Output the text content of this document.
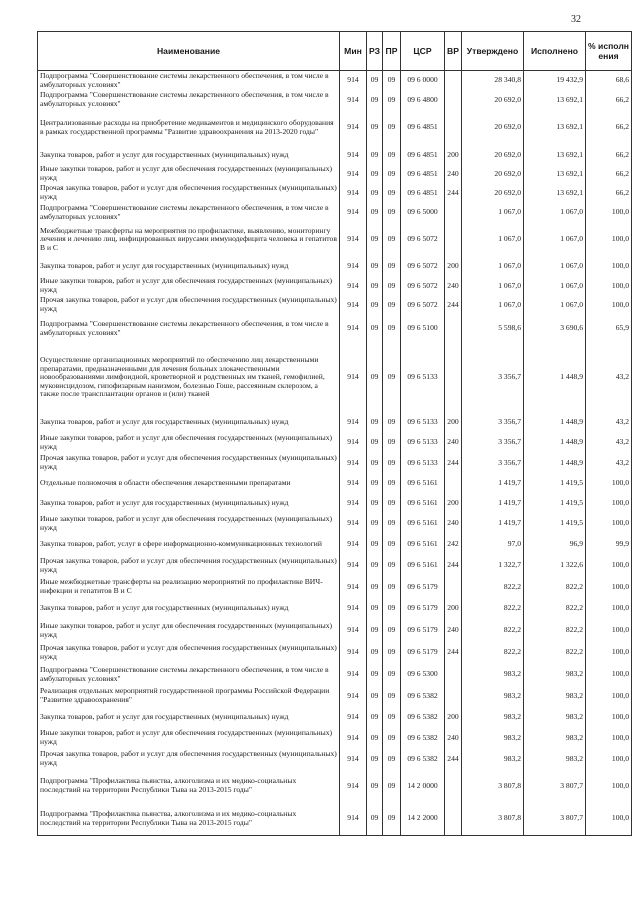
32
Наименование	Мин	РЗ	ПР	ЦСР	ВР	Утверждено	Исполнено	% исполн ения
Подпрограмма "Совершенствование системы лекарственного обеспечения, в том числе в амбулаторных условиях"	914	09	09	09 6 0000		28 340,8	19 432,9	68,6
Подпрограмма "Совершенствование системы лекарственного обеспечения, в том числе в амбулаторных условиях"	914	09	09	09 6 4800		20 692,0	13 692,1	66,2
Централизованные расходы на приобретение медикаментов и медицинского оборудования в рамках государственной программы "Развитие здравоохранения на 2013-2020 годы"	914	09	09	09 6 4851		20 692,0	13 692,1	66,2
Закупка товаров, работ и услуг для государственных (муниципальных) нужд	914	09	09	09 6 4851	200	20 692,0	13 692,1	66,2
Иные закупки товаров, работ и услуг для обеспечения государственных (муниципальных) нужд	914	09	09	09 6 4851	240	20 692,0	13 692,1	66,2
Прочая закупка товаров, работ и услуг для обеспечения государственных (муниципальных) нужд	914	09	09	09 6 4851	244	20 692,0	13 692,1	66,2
Подпрограмма "Совершенствование системы лекарственного обеспечения, в том числе в амбулаторных условиях"	914	09	09	09 6 5000		1 067,0	1 067,0	100,0
Межбюджетные трансферты на мероприятия по профилактике, выявлению, мониторингу лечения и лечению лиц, инфицированных вирусами иммунодефицита человека и гепатитов В и С	914	09	09	09 6 5072		1 067,0	1 067,0	100,0
Закупка товаров, работ и услуг для государственных (муниципальных) нужд	914	09	09	09 6 5072	200	1 067,0	1 067,0	100,0
Иные закупки товаров, работ и услуг для обеспечения государственных (муниципальных) нужд	914	09	09	09 6 5072	240	1 067,0	1 067,0	100,0
Прочая закупка товаров, работ и услуг для обеспечения государственных (муниципальных) нужд	914	09	09	09 6 5072	244	1 067,0	1 067,0	100,0
Подпрограмма "Совершенствование системы лекарственного обеспечения, в том числе в амбулаторных условиях"	914	09	09	09 6 5100		5 598,6	3 690,6	65,9
Осуществление организационных мероприятий по обеспечению лиц лекарственными препаратами, предназначенными для лечения больных злокачественными новообразованиями лимфоидной, кроветворной и родственных им тканей, гемофилией, муковисцидозом, гипофизарным нанизмом, болезнью Гоше, рассеянным склерозом, а также после трансплантации органов и (или) тканей	914	09	09	09 6 5133		3 356,7	1 448,9	43,2
Закупка товаров, работ и услуг для государственных (муниципальных) нужд	914	09	09	09 6 5133	200	3 356,7	1 448,9	43,2
Иные закупки товаров, работ и услуг для обеспечения государственных (муниципальных) нужд	914	09	09	09 6 5133	240	3 356,7	1 448,9	43,2
Прочая закупка товаров, работ и услуг для обеспечения государственных (муниципальных) нужд	914	09	09	09 6 5133	244	3 356,7	1 448,9	43,2
Отдельные полномочия в области обеспечения лекарственными препаратами	914	09	09	09 6 5161		1 419,7	1 419,5	100,0
Закупка товаров, работ и услуг для государственных (муниципальных) нужд	914	09	09	09 6 5161	200	1 419,7	1 419,5	100,0
Иные закупки товаров, работ и услуг для обеспечения государственных (муниципальных) нужд	914	09	09	09 6 5161	240	1 419,7	1 419,5	100,0
Закупка товаров, работ, услуг в сфере информационно-коммуникационных технологий	914	09	09	09 6 5161	242	97,0	96,9	99,9
Прочая закупка товаров, работ и услуг для обеспечения государственных (муниципальных) нужд	914	09	09	09 6 5161	244	1 322,7	1 322,6	100,0
Иные межбюджетные трансферты на реализацию мероприятий по профилактике ВИЧ-инфекции и гепатитов В и С	914	09	09	09 6 5179		822,2	822,2	100,0
Закупка товаров, работ и услуг для государственных (муниципальных) нужд	914	09	09	09 6 5179	200	822,2	822,2	100,0
Иные закупки товаров, работ и услуг для обеспечения государственных (муниципальных) нужд	914	09	09	09 6 5179	240	822,2	822,2	100,0
Прочая закупка товаров, работ и услуг для обеспечения государственных (муниципальных) нужд	914	09	09	09 6 5179	244	822,2	822,2	100,0
Подпрограмма "Совершенствование системы лекарственного обеспечения, в том числе в амбулаторных условиях"	914	09	09	09 6 5300		983,2	983,2	100,0
Реализация отдельных мероприятий государственной программы Российской Федерации "Развитие здравоохранения"	914	09	09	09 6 5382		983,2	983,2	100,0
Закупка товаров, работ и услуг для государственных (муниципальных) нужд	914	09	09	09 6 5382	200	983,2	983,2	100,0
Иные закупки товаров, работ и услуг для обеспечения государственных (муниципальных) нужд	914	09	09	09 6 5382	240	983,2	983,2	100,0
Прочая закупка товаров, работ и услуг для обеспечения государственных (муниципальных) нужд	914	09	09	09 6 5382	244	983,2	983,2	100,0
Подпрограмма "Профилактика пьянства, алкоголизма и их медико-социальных последствий на территории Республики Тыва на 2013-2015 годы"	914	09	09	14 2 0000		3 807,8	3 807,7	100,0
Подпрограмма "Профилактика пьянства, алкоголизма и их медико-социальных последствий на территории Республики Тыва на 2013-2015 годы"	914	09	09	14 2 2000		3 807,8	3 807,7	100,0
